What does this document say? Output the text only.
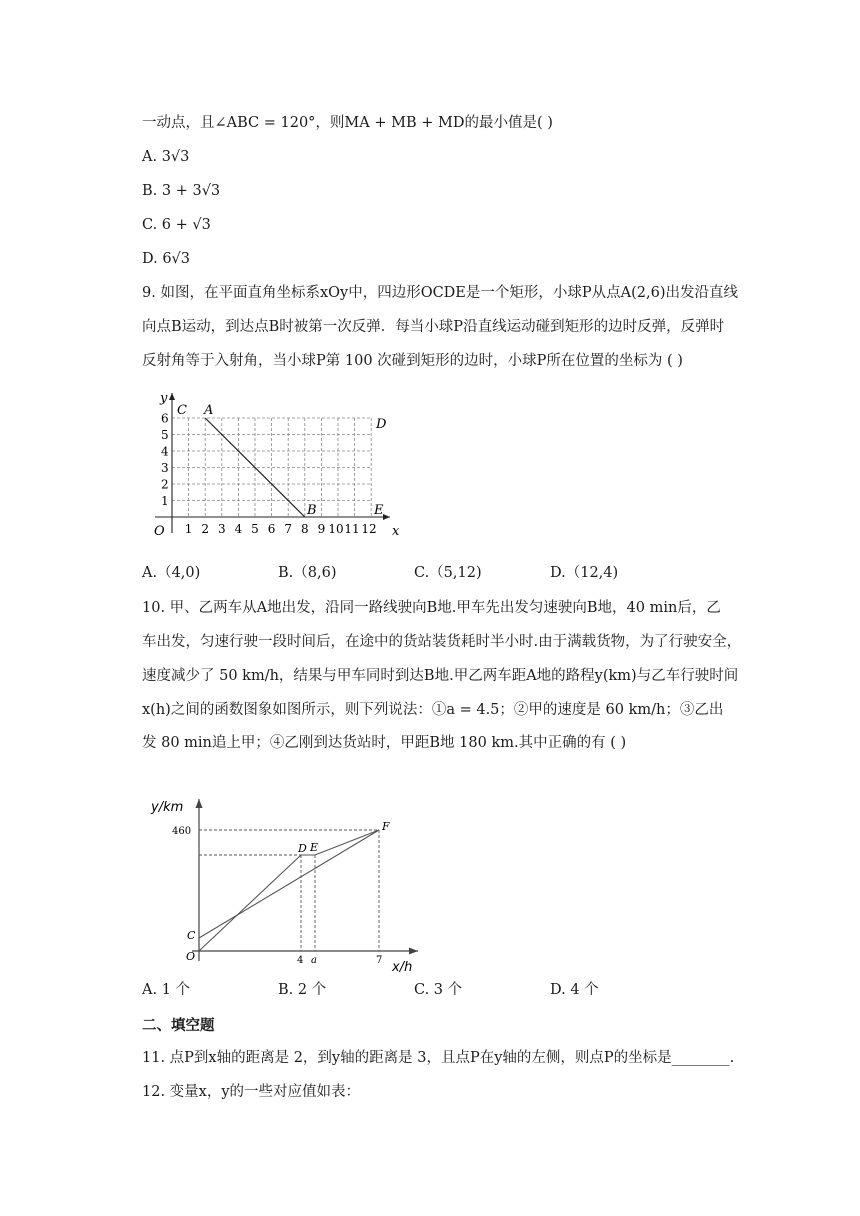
一动点，且∠ABC = 120°，则MA + MB + MD的最小值是( )
A. 3√3
B. 3 + 3√3
C. 6 + √3
D. 6√3
9. 如图，在平面直角坐标系xOy中，四边形OCDE是一个矩形，小球P从点A(2,6)出发沿直线
向点B运动，到达点B时被第一次反弹．每当小球P沿直线运动碰到矩形的边时反弹，反弹时
反射角等于入射角，当小球P第 100 次碰到矩形的边时，小球P所在位置的坐标为 ( )
y
x
O
C A
D
B	E
1
2
3
4
5
6
1 2 3 4 5 6 7 8 9 10 11 12
A.（4,0)	B.（8,6)	C.（5,12)	D.（12,4)
10. 甲、乙两车从A地出发，沿同一路线驶向B地.甲车先出发匀速驶向B地，40 min后，乙
车出发，匀速行驶一段时间后，在途中的货站装货耗时半小时.由于满载货物，为了行驶安全，
速度减少了 50 km/h，结果与甲车同时到达B地.甲乙两车距A地的路程y(km)与乙车行驶时间
x(h)之间的函数图象如图所示，则下列说法：①a = 4.5；②甲的速度是 60 km/h；③乙出
发 80 min追上甲；④乙刚到达货站时，甲距B地 180 km.其中正确的有 ( )
y/km
x/h
460
4 a	7
C
O
D E
F
A. 1 个	B. 2 个	C. 3 个	D. 4 个
二、填空题
11. 点P到x轴的距离是 2，到y轴的距离是 3，且点P在y轴的左侧，则点P的坐标是________.
12. 变量x，y的一些对应值如表：
